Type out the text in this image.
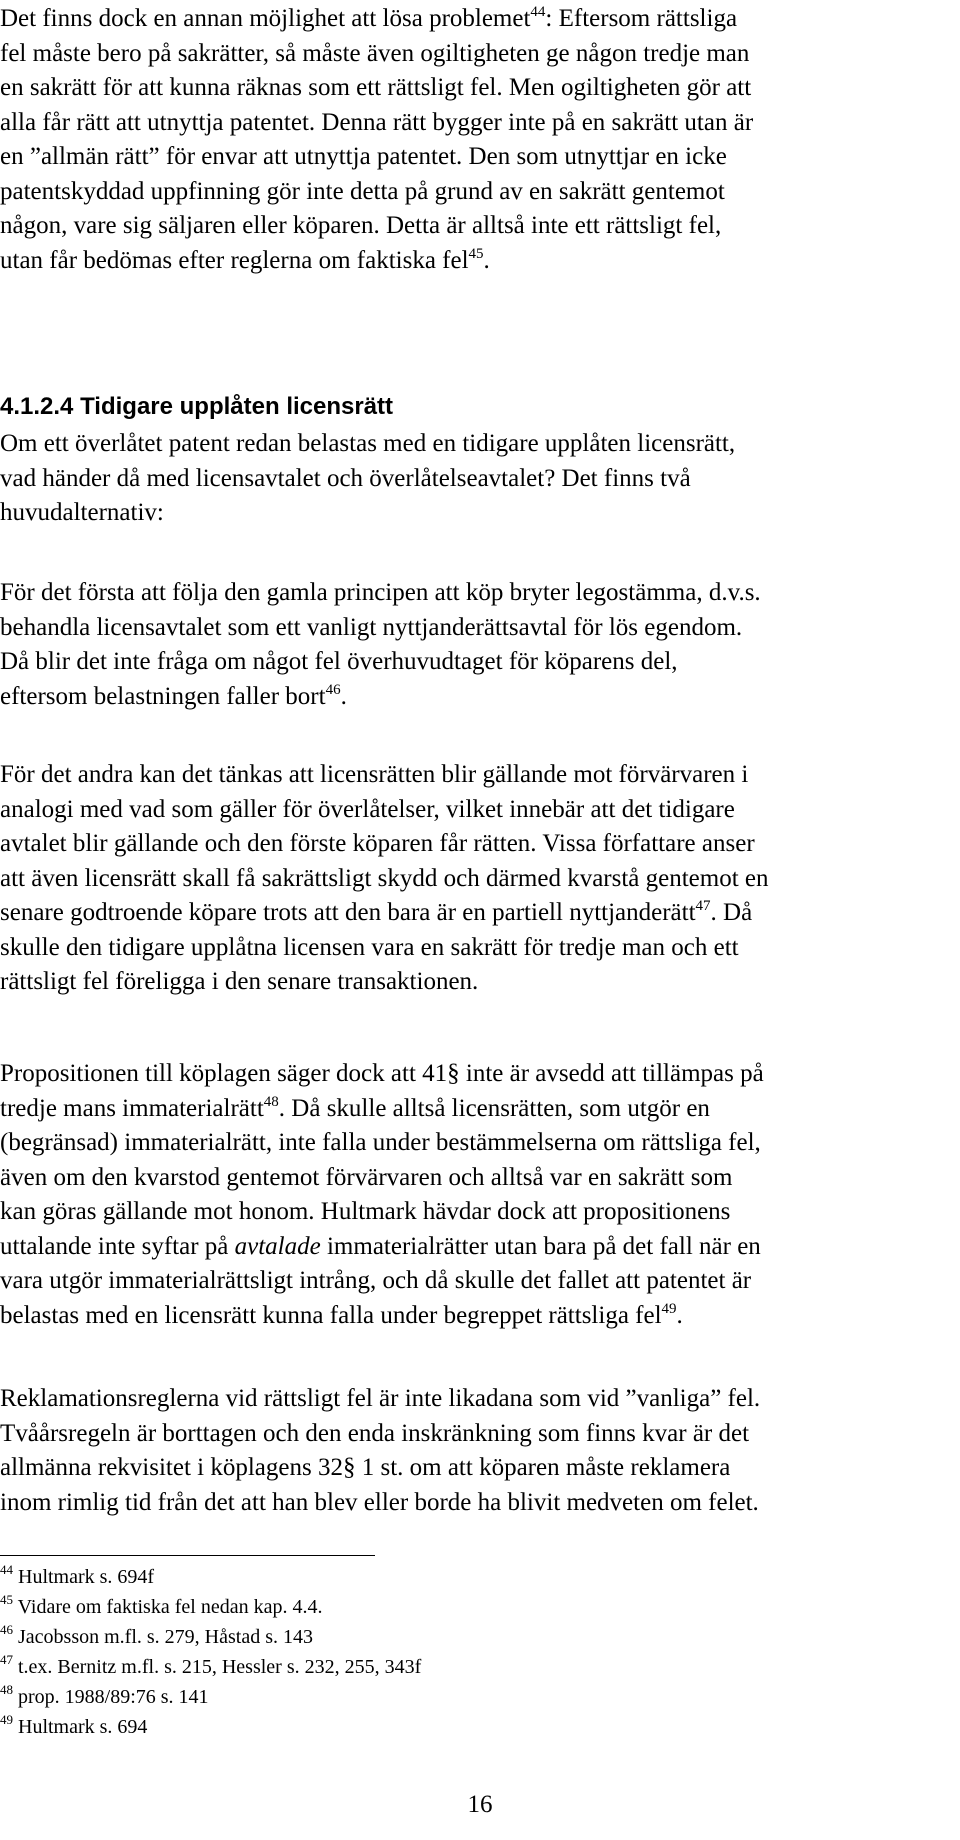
Det finns dock en annan möjlighet att lösa problemet$^{44}$: Eftersom rättsliga
fel måste bero på sakrätter, så måste även ogiltigheten ge någon tredje man
en sakrätt för att kunna räknas som ett rättsligt fel. Men ogiltigheten gör att
alla får rätt att utnyttja patentet. Denna rätt bygger inte på en sakrätt utan är
en ”allmän rätt” för envar att utnyttja patentet. Den som utnyttjar en icke
patentskyddad uppfinning gör inte detta på grund av en sakrätt gentemot
någon, vare sig säljaren eller köparen. Detta är alltså inte ett rättsligt fel,
utan får bedömas efter reglerna om faktiska fel$^{45}$.

4.1.2.4 Tidigare upplåten licensrätt

Om ett överlåtet patent redan belastas med en tidigare upplåten licensrätt,
vad händer då med licensavtalet och överlåtelseavtalet? Det finns två
huvudalternativ:

För det första att följa den gamla principen att köp bryter legostämma, d.v.s.
behandla licensavtalet som ett vanligt nyttjanderättsavtal för lös egendom.
Då blir det inte fråga om något fel överhuvudtaget för köparens del,
eftersom belastningen faller bort$^{46}$.

För det andra kan det tänkas att licensrätten blir gällande mot förvärvaren i
analogi med vad som gäller för överlåtelser, vilket innebär att det tidigare
avtalet blir gällande och den förste köparen får rätten. Vissa författare anser
att även licensrätt skall få sakrättsligt skydd och därmed kvarstå gentemot en
senare godtroende köpare trots att den bara är en partiell nyttjanderätt$^{47}$. Då
skulle den tidigare upplåtna licensen vara en sakrätt för tredje man och ett
rättsligt fel föreligga i den senare transaktionen.

Propositionen till köplagen säger dock att 41§ inte är avsedd att tillämpas på
tredje mans immaterialrätt$^{48}$. Då skulle alltså licensrätten, som utgör en
(begränsad) immaterialrätt, inte falla under bestämmelserna om rättsliga fel,
även om den kvarstod gentemot förvärvaren och alltså var en sakrätt som
kan göras gällande mot honom. Hultmark hävdar dock att propositionens
uttalande inte syftar på avtalade immaterialrätter utan bara på det fall när en
vara utgör immaterialrättsligt intrång, och då skulle det fallet att patentet är
belastas med en licensrätt kunna falla under begreppet rättsliga fel$^{49}$.

Reklamationsreglerna vid rättsligt fel är inte likadana som vid ”vanliga” fel.
Tvåårsregeln är borttagen och den enda inskränkning som finns kvar är det
allmänna rekvisitet i köplagens 32§ 1 st. om att köparen måste reklamera
inom rimlig tid från det att han blev eller borde ha blivit medveten om felet.

$^{44}$ Hultmark s. 694f
$^{45}$ Vidare om faktiska fel nedan kap. 4.4.
$^{46}$ Jacobsson m.fl. s. 279, Håstad s. 143
$^{47}$ t.ex. Bernitz m.fl. s. 215, Hessler s. 232, 255, 343f
$^{48}$ prop. 1988/89:76 s. 141
$^{49}$ Hultmark s. 694
16
